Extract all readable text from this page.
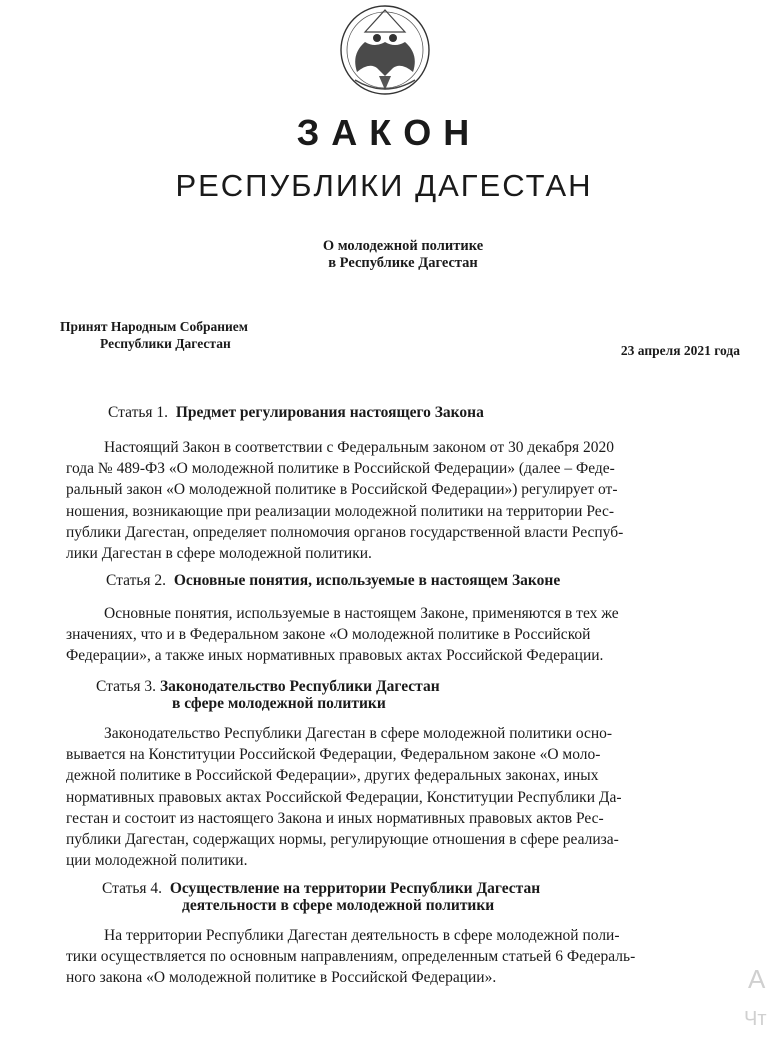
ЗАКОН
РЕСПУБЛИКИ ДАГЕСТАН
О молодежной политике
в Республике Дагестан
Принят Народным Собранием
Республики Дагестан	23 апреля 2021 года
Статья 1. Предмет регулирования настоящего Закона
Настоящий Закон в соответствии с Федеральным законом от 30 декабря 2020
года № 489-ФЗ «О молодежной политике в Российской Федерации» (далее – Феде-
ральный закон «О молодежной политике в Российской Федерации») регулирует от-
ношения, возникающие при реализации молодежной политики на территории Рес-
публики Дагестан, определяет полномочия органов государственной власти Респуб-
лики Дагестан в сфере молодежной политики.
Статья 2. Основные понятия, используемые в настоящем Законе
Основные понятия, используемые в настоящем Законе, применяются в тех же
значениях, что и в Федеральном законе «О молодежной политике в Российской
Федерации», а также иных нормативных правовых актах Российской Федерации.
Статья 3. Законодательство Республики Дагестан
в сфере молодежной политики
Законодательство Республики Дагестан в сфере молодежной политики осно-
вывается на Конституции Российской Федерации, Федеральном законе «О моло-
дежной политике в Российской Федерации», других федеральных законах, иных
нормативных правовых актах Российской Федерации, Конституции Республики Да-
гестан и состоит из настоящего Закона и иных нормативных правовых актов Рес-
публики Дагестан, содержащих нормы, регулирующие отношения в сфере реализа-
ции молодежной политики.
Статья 4. Осуществление на территории Республики Дагестан
деятельности в сфере молодежной политики
На территории Республики Дагестан деятельность в сфере молодежной поли-
тики осуществляется по основным направлениям, определенным статьей 6 Федераль-
ного закона «О молодежной политике в Российской Федерации».	А
Чт
